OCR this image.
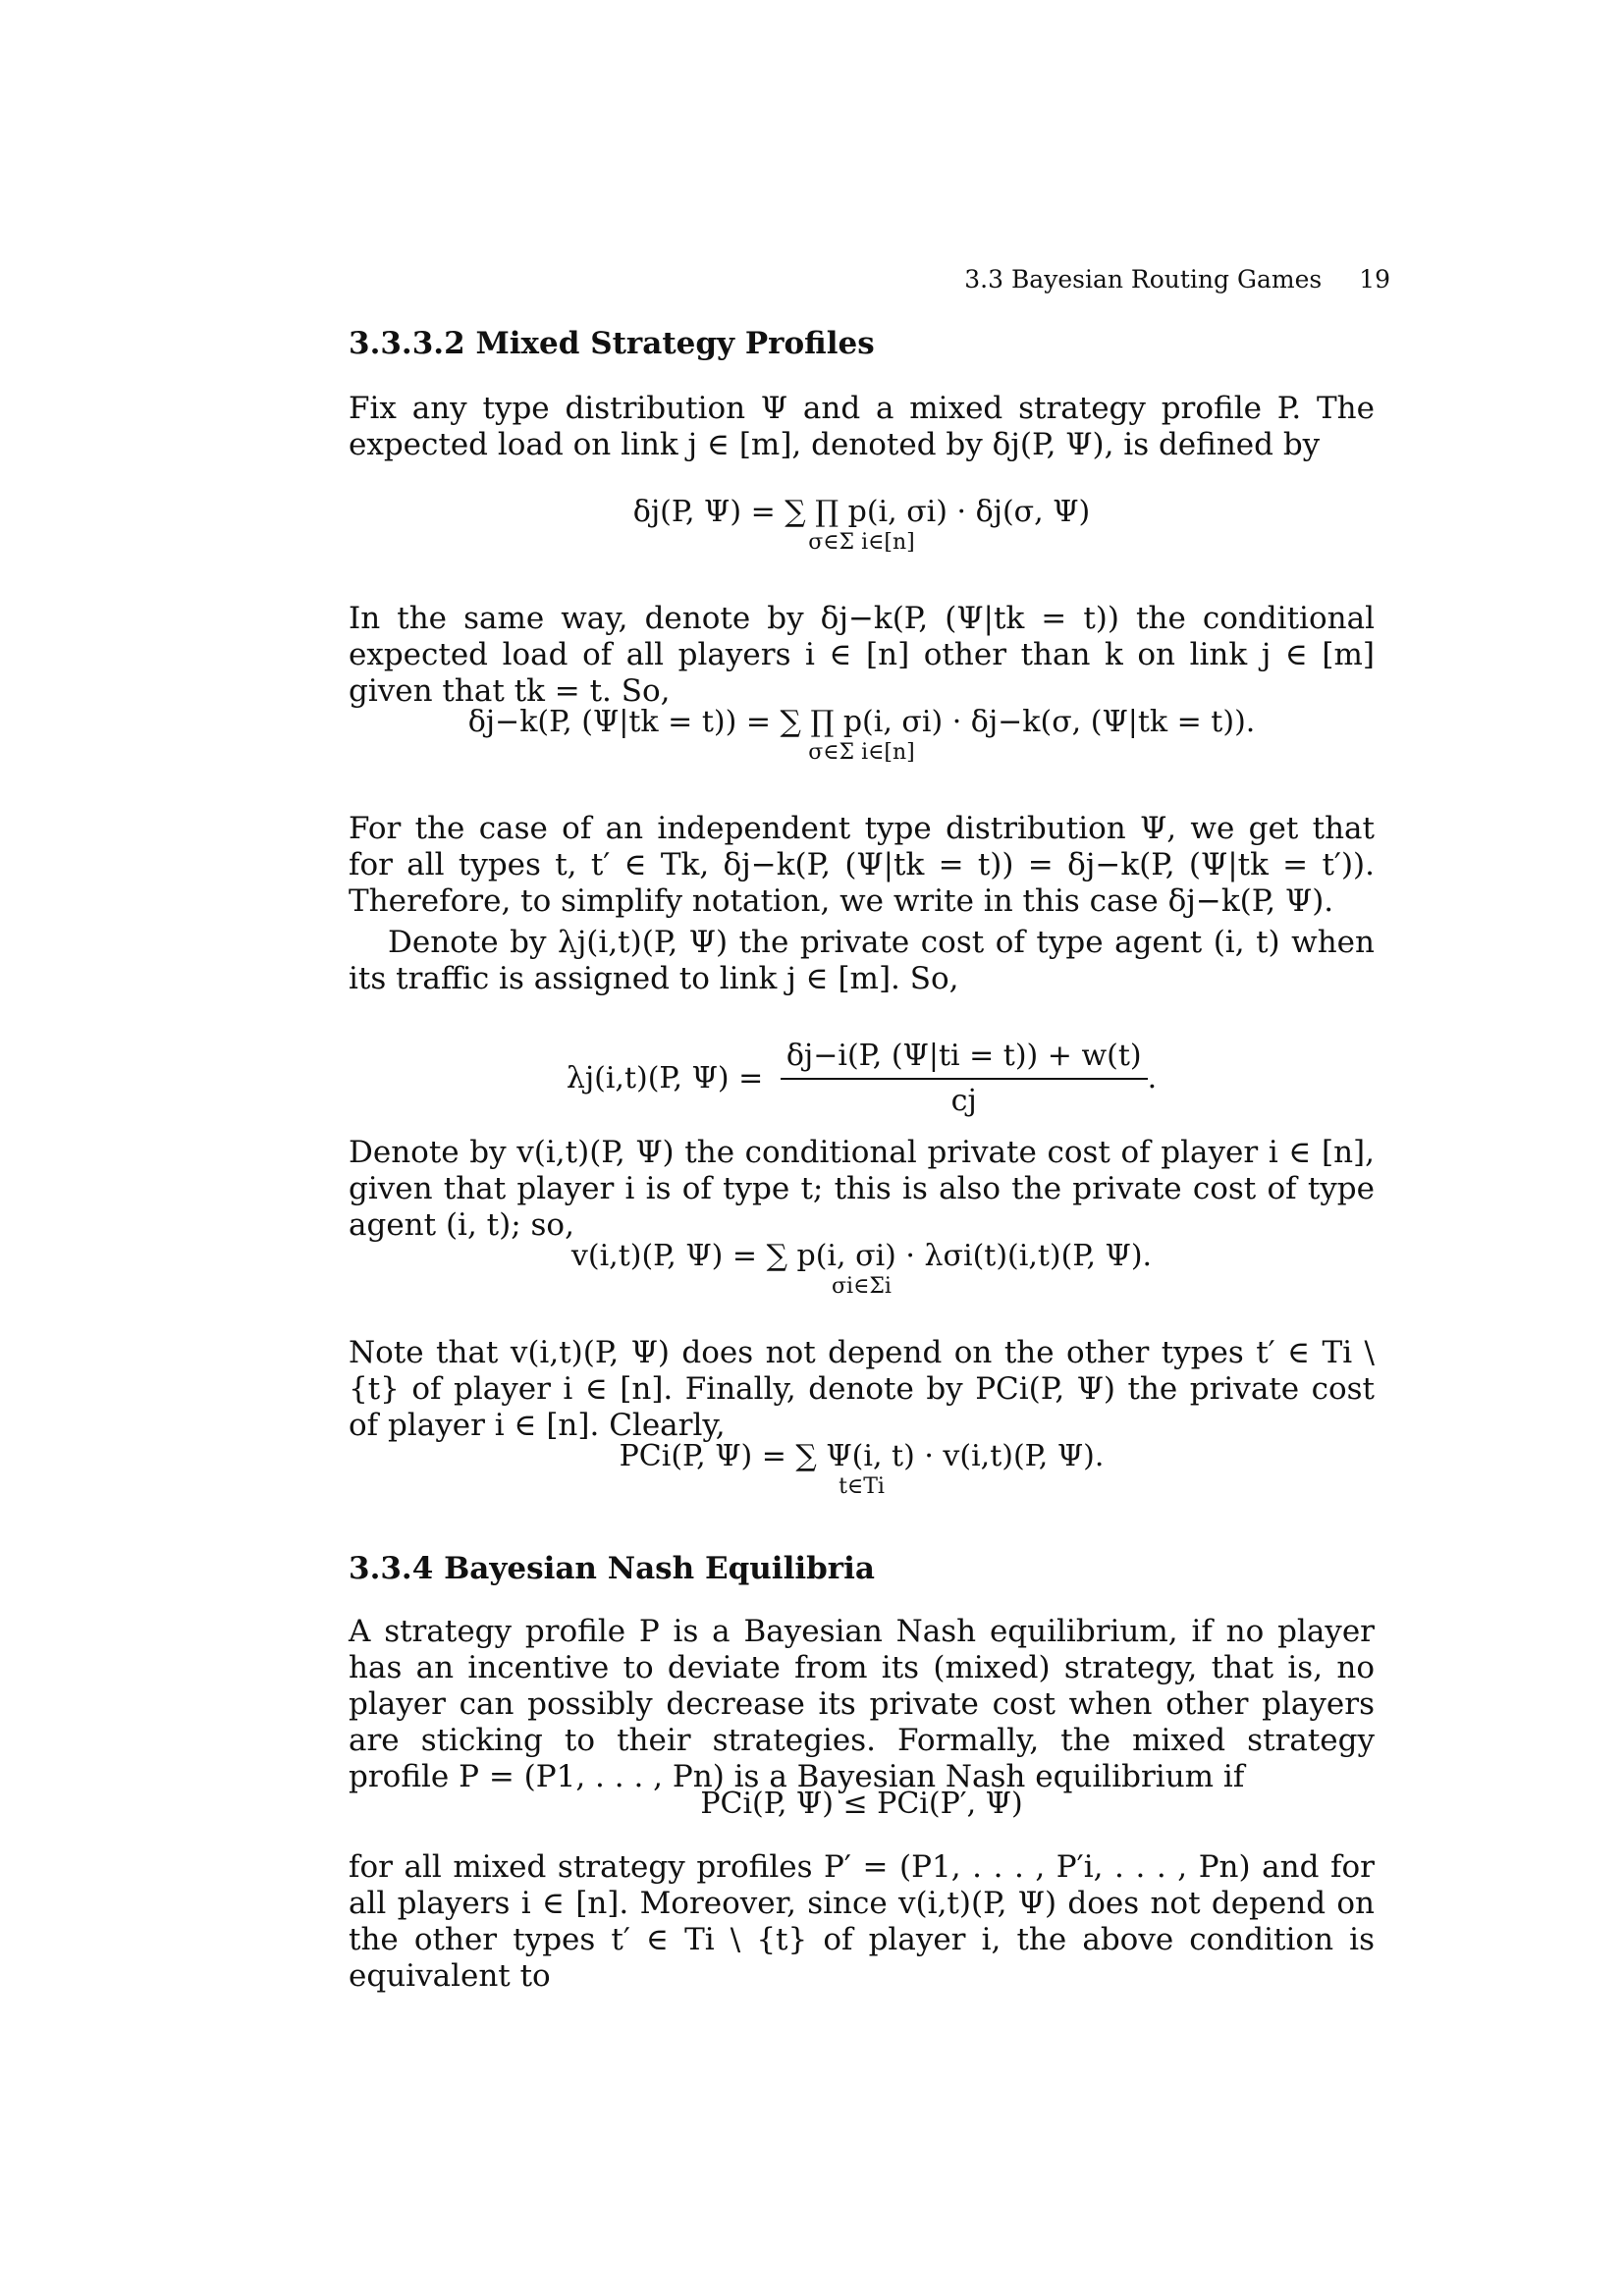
3.3 Bayesian Routing Games 19
3.3.3.2 Mixed Strategy Profiles

Fix any type distribution Ψ and a mixed strategy profile P. The expected load on link j ∈ [m], denoted by δj(P, Ψ), is defined by

δj(P, Ψ) = ∑ ∏ p(i, σi) · δj(σ, Ψ)
σ∈Σ i∈[n]

In the same way, denote by δj−k(P, (Ψ|tk = t)) the conditional expected load of all players i ∈ [n] other than k on link j ∈ [m] given that tk = t. So,

δj−k(P, (Ψ|tk = t)) = ∑ ∏ p(i, σi) · δj−k(σ, (Ψ|tk = t)).
σ∈Σ i∈[n]

For the case of an independent type distribution Ψ, we get that for all types t, t′ ∈ Tk, δj−k(P, (Ψ|tk = t)) = δj−k(P, (Ψ|tk = t′)). Therefore, to simplify notation, we write in this case δj−k(P, Ψ).

Denote by λj(i,t)(P, Ψ) the private cost of type agent (i, t) when its traffic is assigned to link j ∈ [m]. So,

λj(i,t)(P, $\Psi) = \frac{\delta j-i(P, (\Psi|ti = t)) + w(t)}{cj}$ .

Denote by v(i,t)(P, Ψ) the conditional private cost of player i ∈ [n], given that player i is of type t; this is also the private cost of type agent (i, t); so,

v(i,t)(P, Ψ) = ∑ p(i, σi) · λσi(t)(i,t)(P, Ψ).
σi∈Σi

Note that v(i,t)(P, Ψ) does not depend on the other types t′ ∈ Ti \ {t} of player i ∈ [n]. Finally, denote by PCi(P, Ψ) the private cost of player i ∈ [n]. Clearly,

PCi(P, Ψ) = ∑ Ψ(i, t) · v(i,t)(P, Ψ).
t∈Ti
3.3.4 Bayesian Nash Equilibria

A strategy profile P is a Bayesian Nash equilibrium, if no player has an incentive to deviate from its (mixed) strategy, that is, no player can possibly decrease its private cost when other players are sticking to their strategies. Formally, the mixed strategy profile P = (P1, . . . , Pn) is a Bayesian Nash equilibrium if

PCi(P, Ψ) ≤ PCi(P′, Ψ)

for all mixed strategy profiles P′ = (P1, . . . , P′i, . . . , Pn) and for all players i ∈ [n]. Moreover, since v(i,t)(P, Ψ) does not depend on the other types t′ ∈ Ti \ {t} of player i, the above condition is equivalent to
